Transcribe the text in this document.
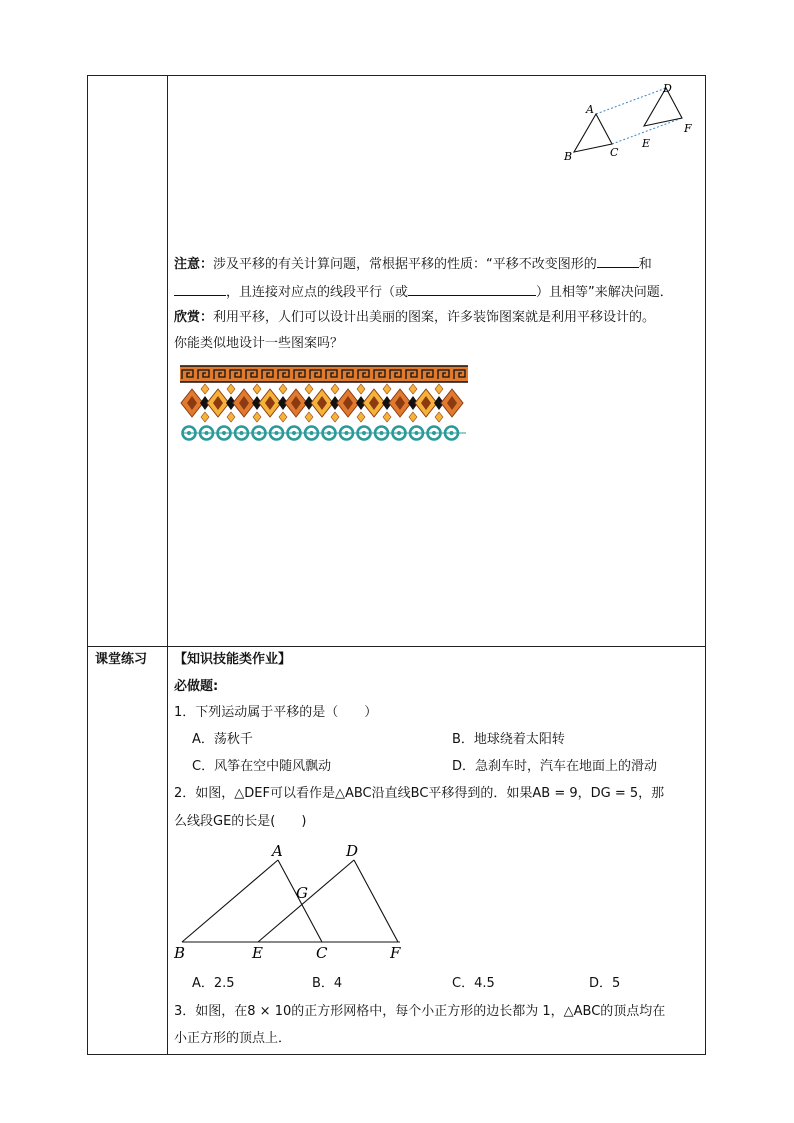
A
B	C
D
E
F
注意：涉及平移的有关计算问题，常根据平移的性质：“平移不改变图形的	和
，且连接对应点的线段平行（或	）且相等”来解决问题．
欣赏：利用平移，人们可以设计出美丽的图案，许多装饰图案就是利用平移设计的。
你能类似地设计一些图案吗？
课堂练习 【知识技能类作业】
必做题:
1．下列运动属于平移的是（　　）
A．荡秋千	B．地球绕着太阳转
C．风筝在空中随风飘动	D．急刹车时，汽车在地面上的滑动
2．如图，△DEF可以看作是△ABC沿直线BC平移得到的．如果AB = 9，DG = 5，那
么线段GE的长是(　　)
A
B	C
D
E	F
G
A．2.5	B．4	C．4.5	D．5
3．如图，在8 × 10的正方形网格中，每个小正方形的边长都为 1，△ABC的顶点均在
小正方形的顶点上．
